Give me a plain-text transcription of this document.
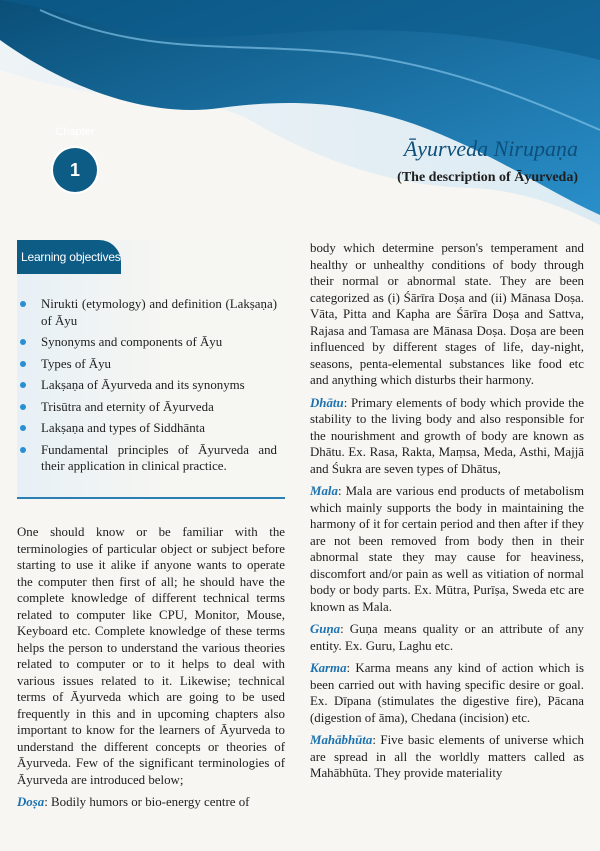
Chapter
1
Āyurveda Nirupaṇa
(The description of Āyurveda)
Learning objectives
Nirukti (etymology) and definition (Lakṣaṇa) of Āyu
Synonyms and components of Āyu
Types of Āyu
Lakṣaṇa of Āyurveda and its synonyms
Trisūtra and eternity of Āyurveda
Lakṣaṇa and types of Siddhānta
Fundamental principles of Āyurveda and their application in clinical practice.

One should know or be familiar with the terminologies of particular object or subject before starting to use it alike if anyone wants to operate the computer then first of all; he should have the complete knowledge of different technical terms related to computer like CPU, Monitor, Mouse, Keyboard etc. Complete knowledge of these terms helps the person to understand the various theories related to computer or to it helps to deal with various issues related to it. Likewise; technical terms of Āyurveda which are going to be used frequently in this and in upcoming chapters also important to know for the learners of Āyurveda to understand the different concepts or theories of Āyurveda. Few of the significant terminologies of Āyurveda are introduced below;

Doṣa: Bodily humors or bio-energy centre of

body which determine person's temperament and healthy or unhealthy conditions of body through their normal or abnormal state. They are been categorized as (i) Śārīra Doṣa and (ii) Mānasa Doṣa. Vāta, Pitta and Kapha are Śārīra Doṣa and Sattva, Rajasa and Tamasa are Mānasa Doṣa. Doṣa are been influenced by different stages of life, day-night, seasons, penta-elemental substances like food etc and anything which disturbs their harmony.

Dhātu: Primary elements of body which provide the stability to the living body and also responsible for the nourishment and growth of body are known as Dhātu. Ex. Rasa, Rakta, Maṃsa, Meda, Asthi, Majjā and Śukra are seven types of Dhātus,

Mala: Mala are various end products of metabolism which mainly supports the body in maintaining the harmony of it for certain period and then after if they are not been removed from body then in their abnormal state they may cause for heaviness, discomfort and/or pain as well as vitiation of normal body or body parts. Ex. Mūtra, Purīṣa, Sweda etc are known as Mala.

Guṇa: Guṇa means quality or an attribute of any entity. Ex. Guru, Laghu etc.

Karma: Karma means any kind of action which is been carried out with having specific desire or goal. Ex. Dīpana (stimulates the digestive fire), Pācana (digestion of āma), Chedana (incision) etc.

Mahābhūta: Five basic elements of universe which are spread in all the worldly matters called as Mahābhūta. They provide materiality
